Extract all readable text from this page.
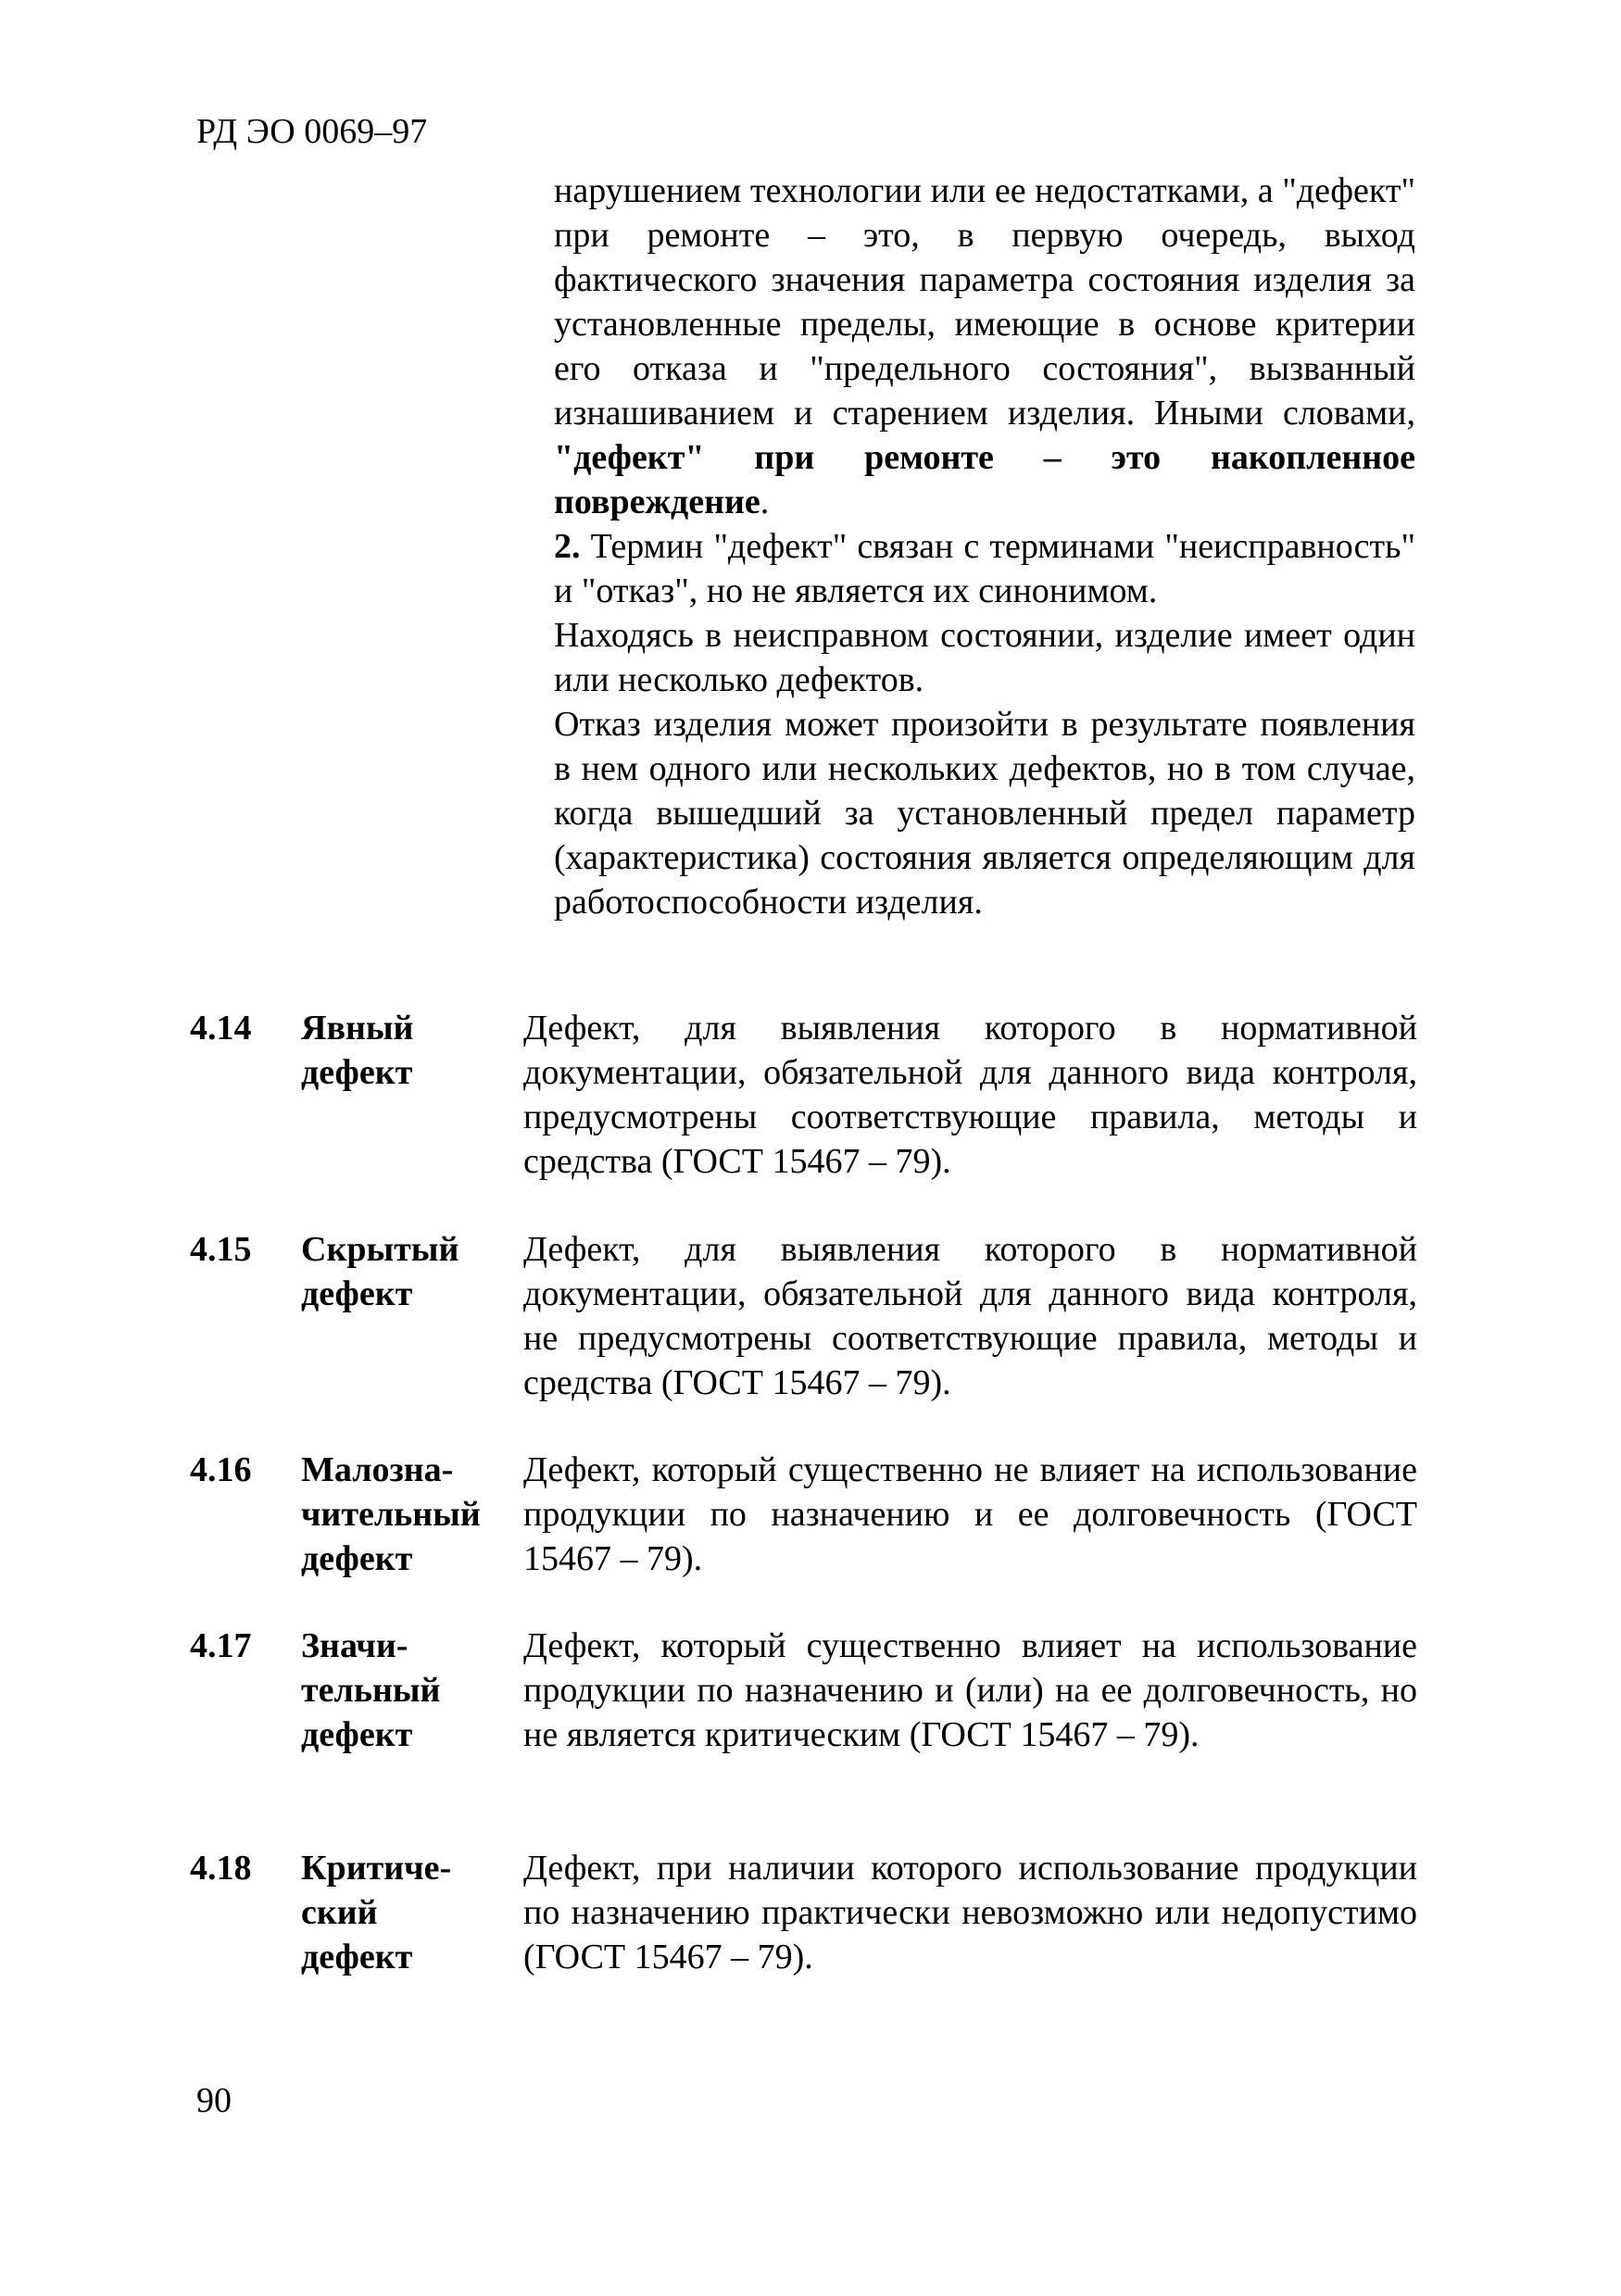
РД ЭО 0069–97

нарушением технологии или ее недостатками, а "дефект" при ремонте – это, в первую очередь, выход фактического значения параметра состояния изделия за установленные пределы, имеющие в основе критерии его отказа и "предельного состояния", вызванный изнашиванием и старением изделия. Иными словами, "дефект" при ремонте – это накопленное повреждение.

2. Термин "дефект" связан с терминами "неисправность" и "отказ", но не является их синонимом.

Находясь в неисправном состоянии, изделие имеет один или несколько дефектов.

Отказ изделия может произойти в результате появления в нем одного или нескольких дефектов, но в том случае, когда вышедший за установленный предел параметр (характеристика) состояния является определяющим для работоспособности изделия.

4.14 Явный
дефект
Дефект, для выявления которого в нормативной документации, обязательной для данного вида контроля, предусмотрены соответствующие правила, методы и средства (ГОСТ 15467 – 79).
4.15 Скрытый
дефект
Дефект, для выявления которого в нормативной документации, обязательной для данного вида контроля, не предусмотрены соответствующие правила, методы и средства (ГОСТ 15467 – 79).
4.16 Малозна-
чительный
дефект
Дефект, который существенно не влияет на использование продукции по назначению и ее долговечность (ГОСТ 15467 – 79).
4.17 Значи-
тельный
дефект
Дефект, который существенно влияет на использование продукции по назначению и (или) на ее долговечность, но не является критическим (ГОСТ 15467 – 79).
4.18 Критиче-
ский
дефект
Дефект, при наличии которого использование продукции по назначению практически невозможно или недопустимо (ГОСТ 15467 – 79).
90
